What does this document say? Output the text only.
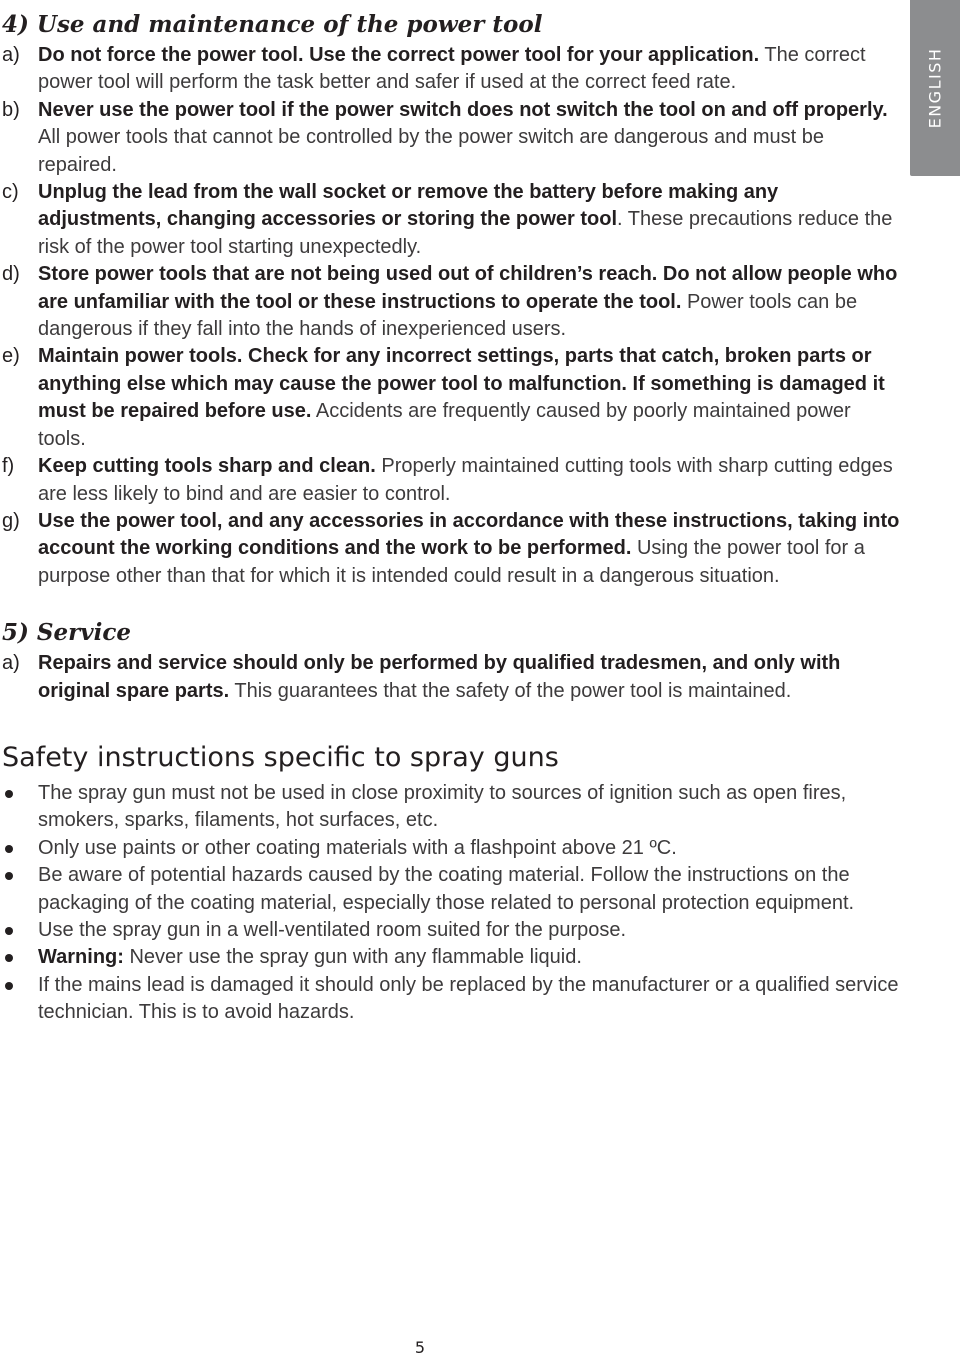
ENGLISH
4) Use and maintenance of the power tool
a) Do not force the power tool. Use the correct power tool for your application. The correct power tool will perform the task better and safer if used at the correct feed rate.
b) Never use the power tool if the power switch does not switch the tool on and off properly. All power tools that cannot be controlled by the power switch are dangerous and must be repaired.
c) Unplug the lead from the wall socket or remove the battery before making any adjustments, changing accessories or storing the power tool. These precautions reduce the risk of the power tool starting unexpectedly.
d) Store power tools that are not being used out of children’s reach. Do not allow people who are unfamiliar with the tool or these instructions to operate the tool. Power tools can be dangerous if they fall into the hands of inexperienced users.
e) Maintain power tools. Check for any incorrect settings, parts that catch, broken parts or anything else which may cause the power tool to malfunction. If something is damaged it must be repaired before use. Accidents are frequently caused by poorly maintained power tools.
f) Keep cutting tools sharp and clean. Properly maintained cutting tools with sharp cutting edges are less likely to bind and are easier to control.
g) Use the power tool, and any accessories in accordance with these instructions, taking into account the working conditions and the work to be performed. Using the power tool for a purpose other than that for which it is intended could result in a dangerous situation.
5) Service
a) Repairs and service should only be performed by qualified tradesmen, and only with original spare parts. This guarantees that the safety of the power tool is maintained.
Safety instructions specific to spray guns
The spray gun must not be used in close proximity to sources of ignition such as open fires, smokers, sparks, filaments, hot surfaces, etc.
Only use paints or other coating materials with a flashpoint above 21 ºC.
Be aware of potential hazards caused by the coating material. Follow the instructions on the packaging of the coating material, especially those related to personal protection equipment.
Use the spray gun in a well-ventilated room suited for the purpose.
Warning: Never use the spray gun with any flammable liquid.
If the mains lead is damaged it should only be replaced by the manufacturer or a qualified service technician. This is to avoid hazards.
5
